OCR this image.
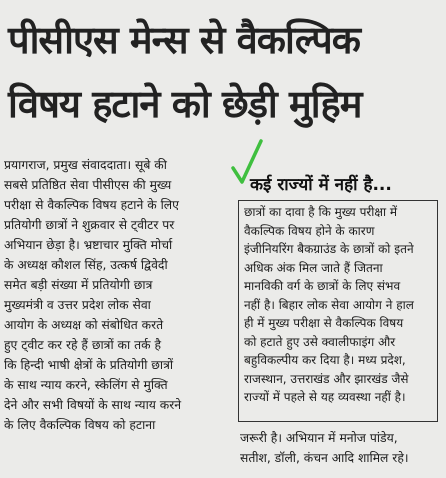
पीसीएस मेन्स से वैकल्पिक
विषय हटाने को छेड़ी मुहिम
प्रयागराज, प्रमुख संवाददाता। सूबे की
सबसे प्रतिष्ठित सेवा पीसीएस की मुख्य
परीक्षा से वैकल्पिक विषय हटाने के लिए
प्रतियोगी छात्रों ने शुक्रवार से ट्वीटर पर
अभियान छेड़ा है। भ्रष्टाचार मुक्ति मोर्चा
के अध्यक्ष कौशल सिंह, उत्कर्ष द्विवेदी
समेत बड़ी संख्या में प्रतियोगी छात्र
मुख्यमंत्री व उत्तर प्रदेश लोक सेवा
आयोग के अध्यक्ष को संबोधित करते
हुए ट्वीट कर रहे हैं छात्रों का तर्क है
कि हिन्दी भाषी क्षेत्रों के प्रतियोगी छात्रों
के साथ न्याय करने, स्केलिंग से मुक्ति
देने और सभी विषयों के साथ न्याय करने
के लिए वैकल्पिक विषय को हटाना
कई राज्यों में नहीं है...
छात्रों का दावा है कि मुख्य परीक्षा में
वैकल्पिक विषय होने के कारण
इंजीनियरिंग बैकग्राउंड के छात्रों को इतने
अधिक अंक मिल जाते हैं जितना
मानविकी वर्ग के छात्रों के लिए संभव
नहीं है। बिहार लोक सेवा आयोग ने हाल
ही में मुख्य परीक्षा से वैकल्पिक विषय
को हटाते हुए उसे क्वालीफाइंग और
बहुविकल्पीय कर दिया है। मध्य प्रदेश,
राजस्थान, उत्तराखंड और झारखंड जैसे
राज्यों में पहले से यह व्यवस्था नहीं है।
जरूरी है। अभियान में मनोज पांडेय,
सतीश, डॉली, कंचन आदि शामिल रहे।
